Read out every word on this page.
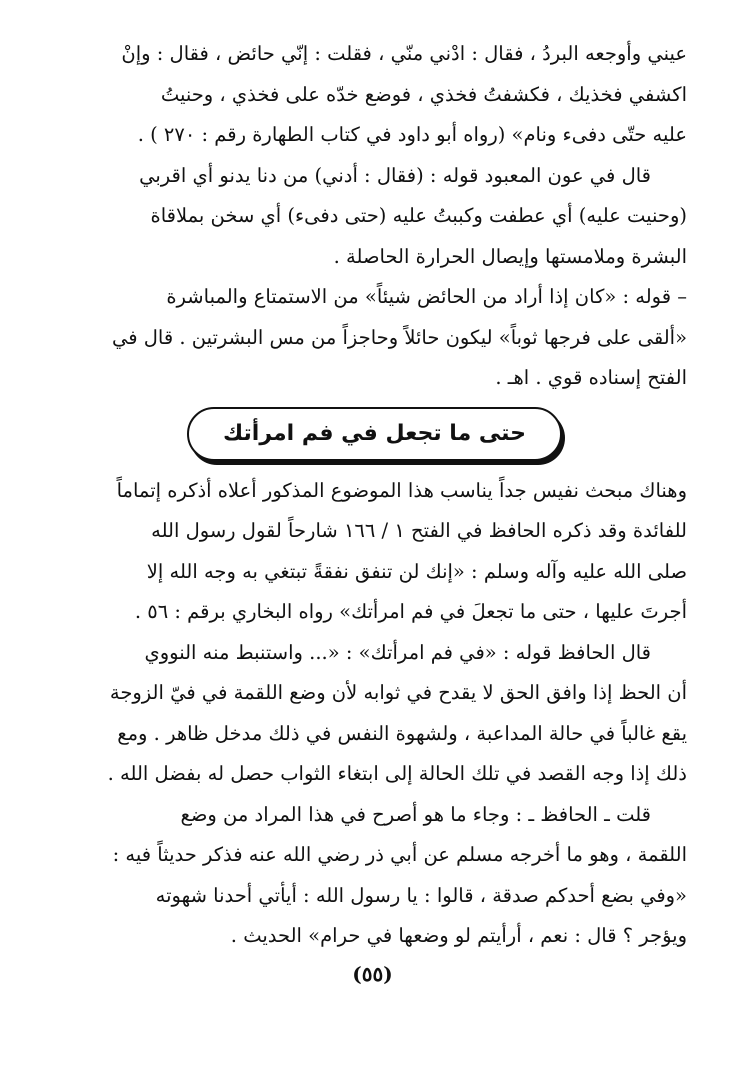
عيني وأوجعه البردُ ، فقال : ادْني منّي ، فقلت : إنّي حائض ، فقال : وإنْ
اكشفي فخذيك ، فكشفتُ فخذي ، فوضع خدّه على فخذي ، وحنيتُ
عليه حتّى دفىء ونام» (رواه أبو داود في كتاب الطهارة رقم : ٢٧٠ ) .

قال في عون المعبود قوله : (فقال : أدني) من دنا يدنو أي اقربي
(وحنيت عليه) أي عطفت وكببتُ عليه (حتى دفىء) أي سخن بملاقاة
البشرة وملامستها وإيصال الحرارة الحاصلة .

– قوله : «كان إذا أراد من الحائض شيئاً» من الاستمتاع والمباشرة
«ألقى على فرجها ثوباً» ليكون حائلاً وحاجزاً من مس البشرتين . قال في
الفتح إسناده قوي . اهـ .

حتى ما تجعل في فم امرأتك

وهناك مبحث نفيس جداً يناسب هذا الموضوع المذكور أعلاه أذكره إتماماً
للفائدة وقد ذكره الحافظ في الفتح ١ / ١٦٦ شارحاً لقول رسول الله
صلى الله عليه وآله وسلم : «إنك لن تنفق نفقةً تبتغي به وجه الله إلا
أجرتَ عليها ، حتى ما تجعلَ في فم امرأتك» رواه البخاري برقم : ٥٦ .

قال الحافظ قوله : «في فم امرأتك» : «... واستنبط منه النووي
أن الحظ إذا وافق الحق لا يقدح في ثوابه لأن وضع اللقمة في فيّ الزوجة
يقع غالباً في حالة المداعبة ، ولشهوة النفس في ذلك مدخل ظاهر . ومع
ذلك إذا وجه القصد في تلك الحالة إلى ابتغاء الثواب حصل له بفضل الله .

قلت ـ الحافظ ـ : وجاء ما هو أصرح في هذا المراد من وضع
اللقمة ، وهو ما أخرجه مسلم عن أبي ذر رضي الله عنه فذكر حديثاً فيه :
«وفي بضع أحدكم صدقة ، قالوا : يا رسول الله : أيأتي أحدنا شهوته
ويؤجر ؟ قال : نعم ، أرأيتم لو وضعها في حرام» الحديث .

(٥٥)
